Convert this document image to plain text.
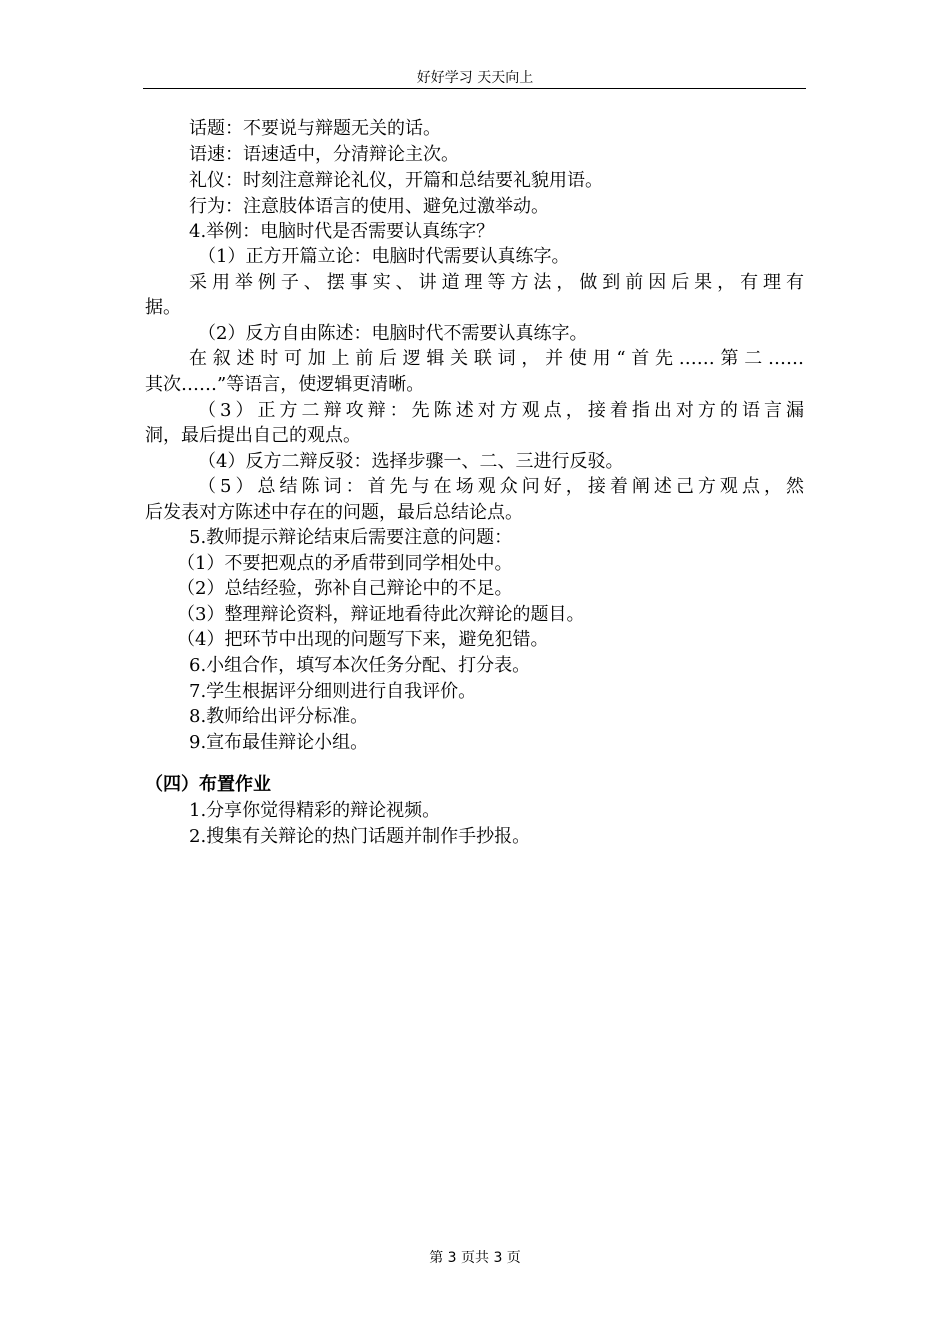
好好学习 天天向上
话题：不要说与辩题无关的话。
语速：语速适中，分清辩论主次。
礼仪：时刻注意辩论礼仪，开篇和总结要礼貌用语。
行为：注意肢体语言的使用、避免过激举动。
4.举例：电脑时代是否需要认真练字？
（1）正方开篇立论：电脑时代需要认真练字。
采用举例子、摆事实、讲道理等方法，做到前因后果，有理有
据。
（2）反方自由陈述：电脑时代不需要认真练字。
在叙述时可加上前后逻辑关联词，并使用“首先……第二……
其次……”等语言，使逻辑更清晰。
（3）正方二辩攻辩：先陈述对方观点，接着指出对方的语言漏
洞，最后提出自己的观点。
（4）反方二辩反驳：选择步骤一、二、三进行反驳。
（5）总结陈词：首先与在场观众问好，接着阐述己方观点，然
后发表对方陈述中存在的问题，最后总结论点。
5.教师提示辩论结束后需要注意的问题：
（1）不要把观点的矛盾带到同学相处中。
（2）总结经验，弥补自己辩论中的不足。
（3）整理辩论资料，辩证地看待此次辩论的题目。
（4）把环节中出现的问题写下来，避免犯错。
6.小组合作，填写本次任务分配、打分表。
7.学生根据评分细则进行自我评价。
8.教师给出评分标准。
9.宣布最佳辩论小组。
（四）布置作业
1.分享你觉得精彩的辩论视频。
2.搜集有关辩论的热门话题并制作手抄报。
第 3 页共 3 页
